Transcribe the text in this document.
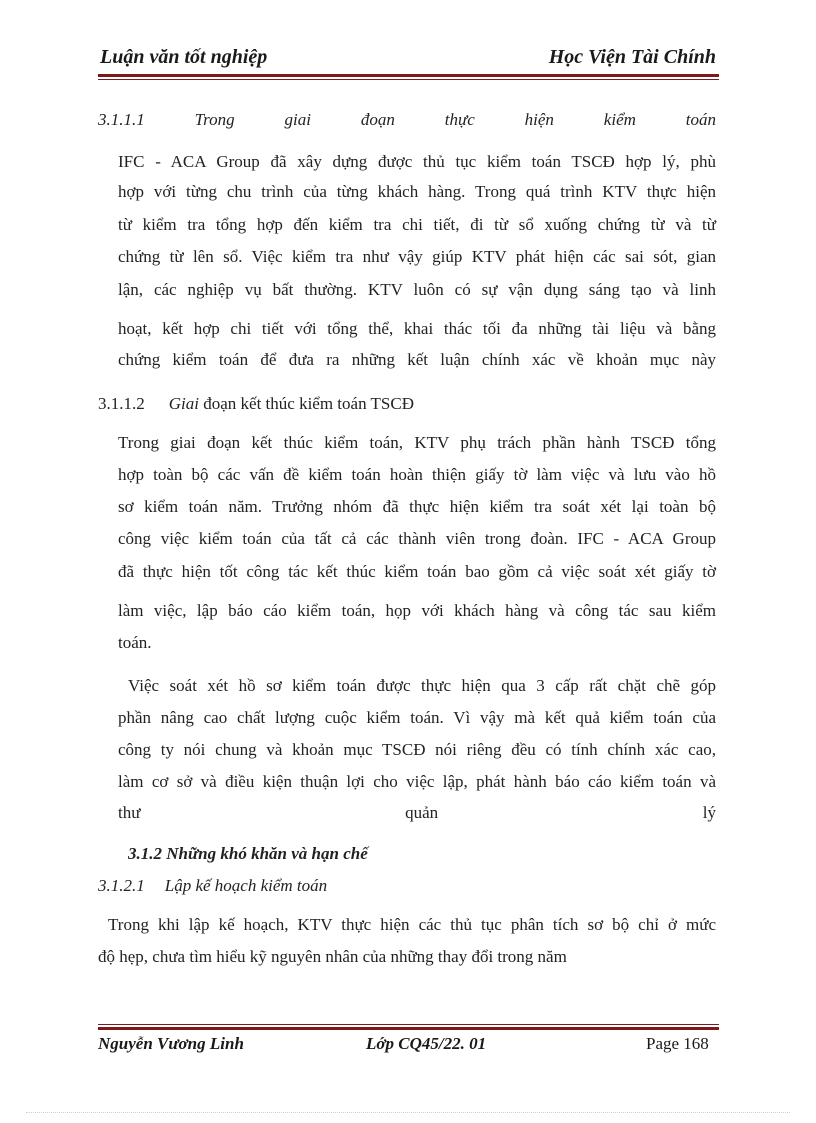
Luận văn tốt nghiệp	Học Viện Tài Chính
3.1.1.1	Trong	giai	đoạn	thực	hiện	kiểm	toán
IFC - ACA Group đã xây dựng được thủ tục kiểm toán TSCĐ hợp lý, phù
hợp với từng chu trình của từng khách hàng. Trong quá trình KTV thực hiện
từ kiểm tra tổng hợp đến kiểm tra chi tiết, đi từ sổ xuống chứng từ và từ
chứng từ lên sổ. Việc kiểm tra như vậy giúp KTV phát hiện các sai sót, gian
lận, các nghiệp vụ bất thường. KTV luôn có sự vận dụng sáng tạo và linh
hoạt, kết hợp chi tiết với tổng thể, khai thác tối đa những tài liệu và bằng
chứng kiểm toán để đưa ra những kết luận chính xác về khoản mục này
3.1.1.2 Giai đoạn kết thúc kiểm toán TSCĐ
Trong giai đoạn kết thúc kiểm toán, KTV phụ trách phần hành TSCĐ tổng
hợp toàn bộ các vấn đề kiểm toán hoàn thiện giấy tờ làm việc và lưu vào hồ
sơ kiểm toán năm. Trưởng nhóm đã thực hiện kiểm tra soát xét lại toàn bộ
công việc kiểm toán của tất cả các thành viên trong đoàn. IFC - ACA Group
đã thực hiện tốt công tác kết thúc kiểm toán bao gồm cả việc soát xét giấy tờ
làm việc, lập báo cáo kiểm toán, họp với khách hàng và công tác sau kiểm
toán.
Việc soát xét hồ sơ kiểm toán được thực hiện qua 3 cấp rất chặt chẽ góp
phần nâng cao chất lượng cuộc kiểm toán. Vì vậy mà kết quả kiểm toán của
công ty nói chung và khoản mục TSCĐ nói riêng đều có tính chính xác cao,
làm cơ sở và điều kiện thuận lợi cho việc lập, phát hành báo cáo kiểm toán và
thư	quản	lý
3.1.2 Những khó khăn và hạn chế
3.1.2.1 Lập kế hoạch kiểm toán
Trong khi lập kế hoạch, KTV thực hiện các thủ tục phân tích sơ bộ chỉ ở mức
độ hẹp, chưa tìm hiểu kỹ nguyên nhân của những thay đổi trong năm
Nguyễn Vương Linh	Lớp CQ45/22. 01	Page 168
